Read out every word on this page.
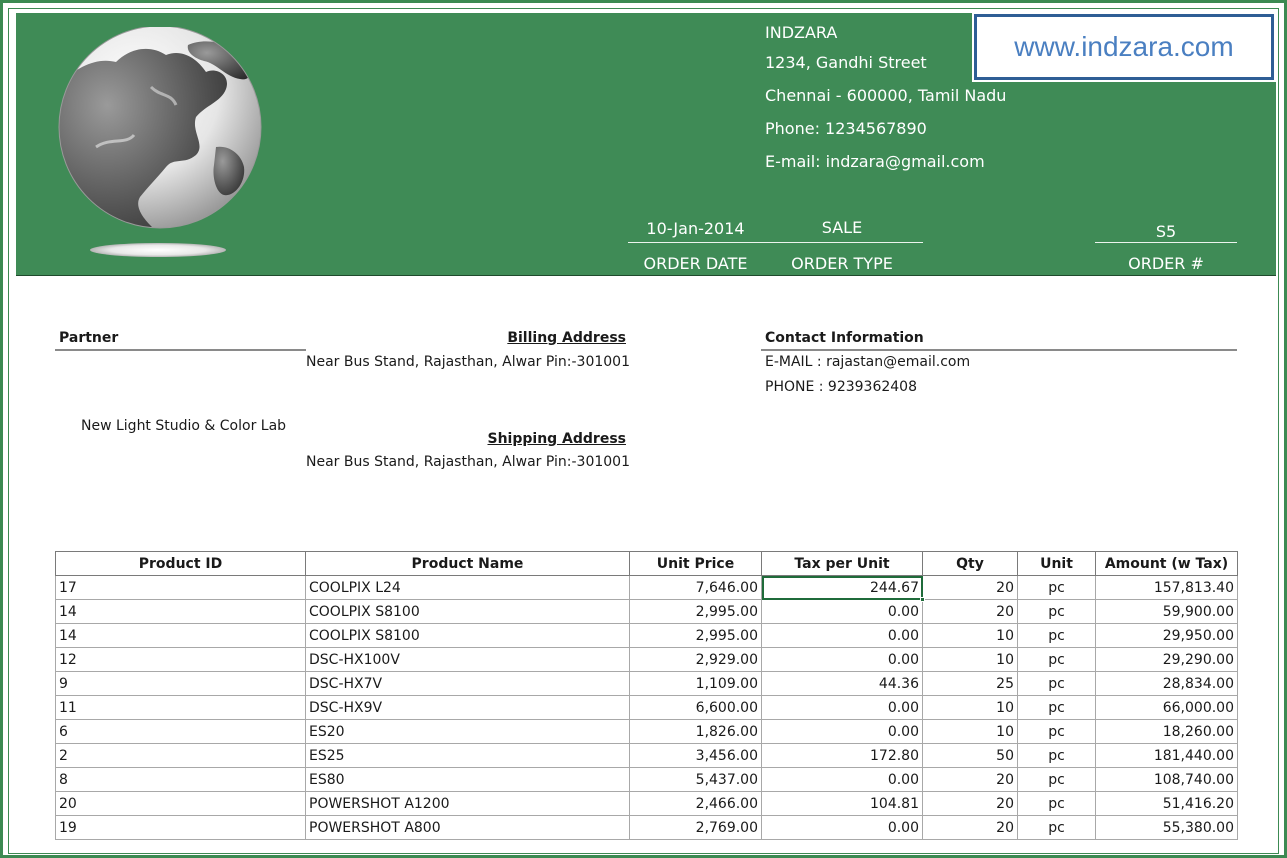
INDZARA
1234, Gandhi Street
Chennai - 600000, Tamil Nadu
Phone: 1234567890
E-mail: indzara@gmail.com
www.indzara.com
10-Jan-2014	SALE	S5
ORDER DATE	ORDER TYPE	ORDER #
Partner
New Light Studio & Color Lab
Billing Address
Near Bus Stand, Rajasthan, Alwar Pin:-301001
Shipping Address
Near Bus Stand, Rajasthan, Alwar Pin:-301001
Contact Information
E-MAIL : rajastan@email.com
PHONE : 9239362408
Product ID	Product Name	Unit Price	Tax per Unit	Qty	Unit	Amount (w Tax)
17	COOLPIX L24	7,646.00	244.67	20	pc	157,813.40
14	COOLPIX S8100	2,995.00	0.00	20	pc	59,900.00
14	COOLPIX S8100	2,995.00	0.00	10	pc	29,950.00
12	DSC-HX100V	2,929.00	0.00	10	pc	29,290.00
9	DSC-HX7V	1,109.00	44.36	25	pc	28,834.00
11	DSC-HX9V	6,600.00	0.00	10	pc	66,000.00
6	ES20	1,826.00	0.00	10	pc	18,260.00
2	ES25	3,456.00	172.80	50	pc	181,440.00
8	ES80	5,437.00	0.00	20	pc	108,740.00
20	POWERSHOT A1200	2,466.00	104.81	20	pc	51,416.20
19	POWERSHOT A800	2,769.00	0.00	20	pc	55,380.00
